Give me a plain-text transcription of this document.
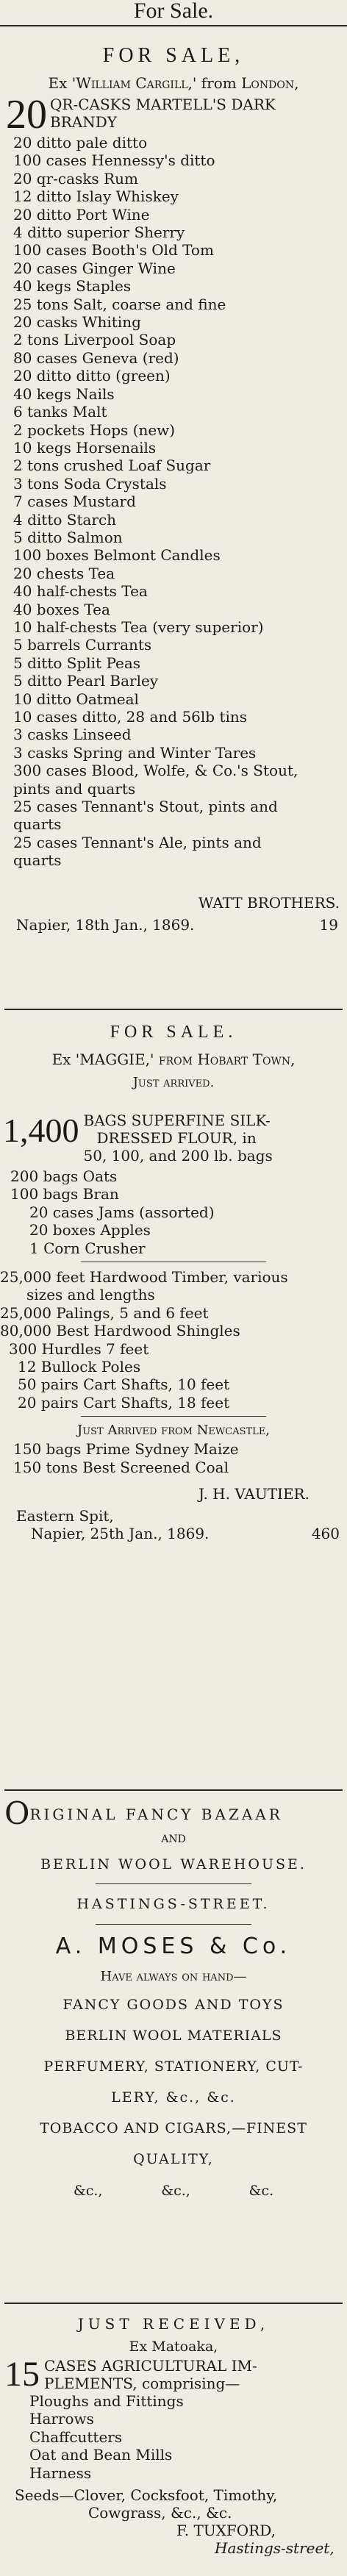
For Sale.
FOR SALE,
Ex 'William Cargill,' from London,
20 QR-CASKS MARTELL'S DARK
BRANDY
20 ditto pale ditto
100 cases Hennessy's ditto
20 qr-casks Rum
12 ditto Islay Whiskey
20 ditto Port Wine
4 ditto superior Sherry
100 cases Booth's Old Tom
20 cases Ginger Wine
40 kegs Staples
25 tons Salt, coarse and fine
20 casks Whiting
2 tons Liverpool Soap
80 cases Geneva (red)
20 ditto ditto (green)
40 kegs Nails
6 tanks Malt
2 pockets Hops (new)
10 kegs Horsenails
2 tons crushed Loaf Sugar
3 tons Soda Crystals
7 cases Mustard
4 ditto Starch
5 ditto Salmon
100 boxes Belmont Candles
20 chests Tea
40 half-chests Tea
40 boxes Tea
10 half-chests Tea (very superior)
5 barrels Currants
5 ditto Split Peas
5 ditto Pearl Barley
10 ditto Oatmeal
10 cases ditto, 28 and 56lb tins
3 casks Linseed
3 casks Spring and Winter Tares
300 cases Blood, Wolfe, & Co.'s Stout,
pints and quarts
25 cases Tennant's Stout, pints and
quarts
25 cases Tennant's Ale, pints and
quarts
WATT BROTHERS.
Napier, 18th Jan., 1869.	19
FOR SALE.
Ex 'MAGGIE,' from Hobart Town,
Just arrived.
1,400 BAGS SUPERFINE SILK-
DRESSED FLOUR, in
50, 100, and 200 lb. bags
200 bags Oats
100 bags Bran
20 cases Jams (assorted)
20 boxes Apples
1 Corn Crusher
25,000 feet Hardwood Timber, various
sizes and lengths
25,000 Palings, 5 and 6 feet
80,000 Best Hardwood Shingles
300 Hurdles 7 feet
12 Bullock Poles
50 pairs Cart Shafts, 10 feet
20 pairs Cart Shafts, 18 feet
Just Arrived from Newcastle,
150 bags Prime Sydney Maize
150 tons Best Screened Coal
J. H. VAUTIER.
Eastern Spit,
Napier, 25th Jan., 1869.	460
O RIGINAL FANCY BAZAAR
AND
BERLIN WOOL WAREHOUSE.
HASTINGS-STREET.
A. MOSES & Co.
Have always on hand—
FANCY GOODS AND TOYS
BERLIN WOOL MATERIALS
PERFUMERY, STATIONERY, CUT-
LERY, &c., &c.
TOBACCO AND CIGARS,—FINEST
QUALITY,
&c.,	&c.,	&c.
JUST RECEIVED,
Ex Matoaka,
15 CASES AGRICULTURAL IM-
PLEMENTS, comprising—
Ploughs and Fittings
Harrows
Chaffcutters
Oat and Bean Mills
Harness
Seeds—Clover, Cocksfoot, Timothy,
Cowgrass, &c., &c.
F. TUXFORD,
Hastings-street,
